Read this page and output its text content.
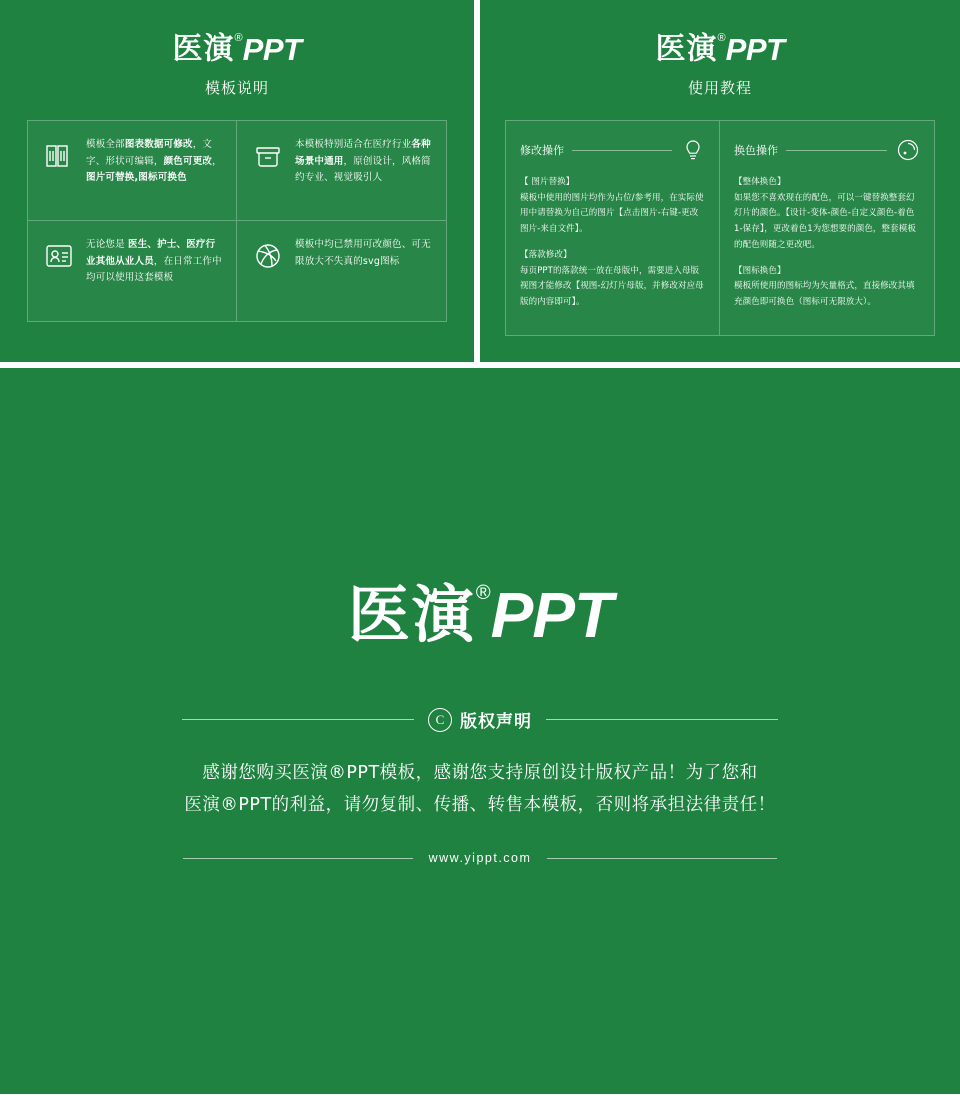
医演®PPT
模板说明
模板全部图表数据可修改，文字、形状可编辑，颜色可更改，图片可替换,图标可换色
本模板特别适合在医疗行业各种场景中通用，原创设计，风格简约专业、视觉吸引人
无论您是 医生、护士、医疗行业其他从业人员，在日常工作中均可以使用这套模板
模板中均已禁用可改颜色、可无限放大不失真的svg图标
医演®PPT
使用教程
修改操作
【 图片替换】
模板中使用的图片均作为占位/参考用，在实际使用中请替换为自己的图片【点击图片-右键-更改图片-来自文件】。
【落款修改】
每页PPT的落款统一放在母版中，需要进入母版视图才能修改【视图-幻灯片母版，并修改对应母版的内容即可】。
换色操作
【整体换色】
如果您不喜欢现在的配色，可以一键替换整套幻灯片的颜色。【设计-变体-颜色-自定义颜色-着色1-保存】，更改着色1为您想要的颜色，整套模板的配色则随之更改吧。
【图标换色】
模板所使用的图标均为矢量格式，直接修改其填充颜色即可换色（图标可无限放大）。
医演®PPT
C 版权声明
感谢您购买医演®PPT模板，感谢您支持原创设计版权产品！为了您和
医演®PPT的利益，请勿复制、传播、转售本模板，否则将承担法律责任！
www.yippt.com
